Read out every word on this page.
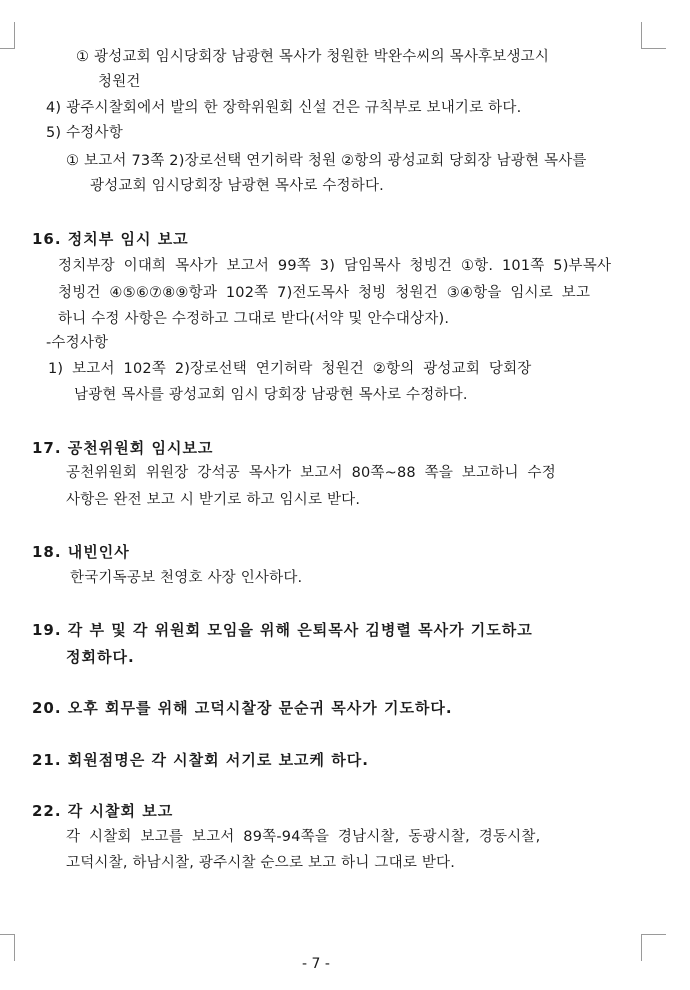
① 광성교회 임시당회장 남광현 목사가 청원한 박완수씨의 목사후보생고시
청원건
4) 광주시찰회에서 발의 한 장학위원회 신설 건은 규칙부로 보내기로 하다.
5) 수정사항
① 보고서 73쪽 2)장로선택 연기허락 청원 ②항의 광성교회 당회장 남광현 목사를
광성교회 임시당회장 남광현 목사로 수정하다.
16. 정치부 임시 보고
정치부장 이대희 목사가 보고서 99쪽 3) 담임목사 청빙건 ①항. 101쪽 5)부목사
청빙건 ④⑤⑥⑦⑧⑨항과 102쪽 7)전도목사 청빙 청원건 ③④항을 임시로 보고
하니 수정 사항은 수정하고 그대로 받다(서약 및 안수대상자).
-수정사항
1) 보고서 102쪽 2)장로선택 연기허락 청원건 ②항의 광성교회 당회장
남광현 목사를 광성교회 임시 당회장 남광현 목사로 수정하다.
17. 공천위원회 임시보고
공천위원회 위원장 강석공 목사가 보고서 80쪽~88 쪽을 보고하니 수정
사항은 완전 보고 시 받기로 하고 임시로 받다.
18. 내빈인사
한국기독공보 천영호 사장 인사하다.
19. 각 부 및 각 위원회 모임을 위해 은퇴목사 김병렬 목사가 기도하고
정회하다.
20. 오후 회무를 위해 고덕시찰장 문순귀 목사가 기도하다.
21. 회원점명은 각 시찰회 서기로 보고케 하다.
22. 각 시찰회 보고
각 시찰회 보고를 보고서 89쪽-94쪽을 경남시찰, 동광시찰, 경동시찰,
고덕시찰, 하남시찰, 광주시찰 순으로 보고 하니 그대로 받다.
- 7 -
